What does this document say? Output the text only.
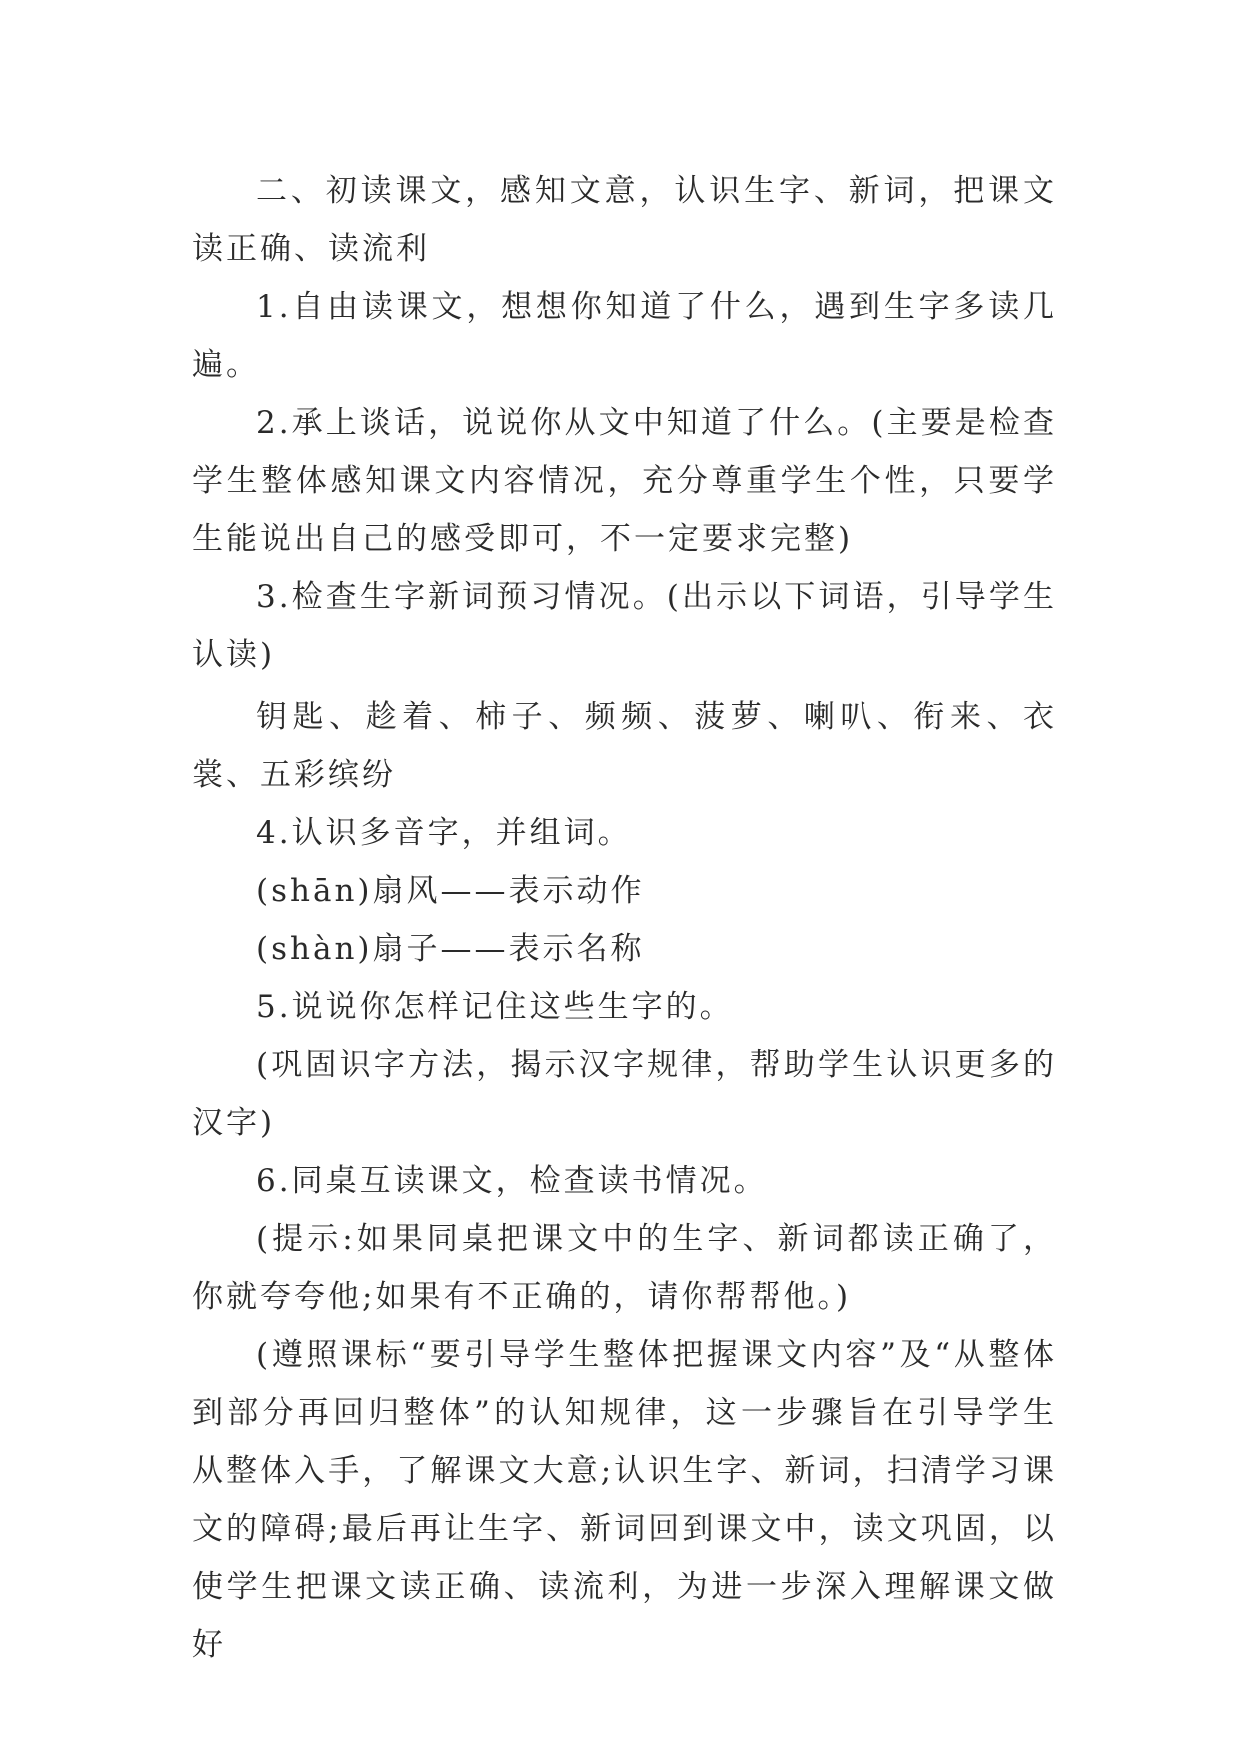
二、初读课文，感知文意，认识生字、新词，把课文读正确、读流利

1.自由读课文，想想你知道了什么，遇到生字多读几遍。

2.承上谈话，说说你从文中知道了什么。(主要是检查学生整体感知课文内容情况，充分尊重学生个性，只要学生能说出自己的感受即可，不一定要求完整)

3.检查生字新词预习情况。(出示以下词语，引导学生认读)

钥匙、趁着、柿子、频频、菠萝、喇叭、衔来、衣裳、五彩缤纷

4.认识多音字，并组词。

(shān)扇风——表示动作

(shàn)扇子——表示名称

5.说说你怎样记住这些生字的。

(巩固识字方法，揭示汉字规律，帮助学生认识更多的汉字)

6.同桌互读课文，检查读书情况。

(提示:如果同桌把课文中的生字、新词都读正确了，你就夸夸他;如果有不正确的，请你帮帮他。)

(遵照课标“要引导学生整体把握课文内容”及“从整体到部分再回归整体”的认知规律，这一步骤旨在引导学生从整体入手，了解课文大意;认识生字、新词，扫清学习课文的障碍;最后再让生字、新词回到课文中，读文巩固，以使学生把课文读正确、读流利，为进一步深入理解课文做好
